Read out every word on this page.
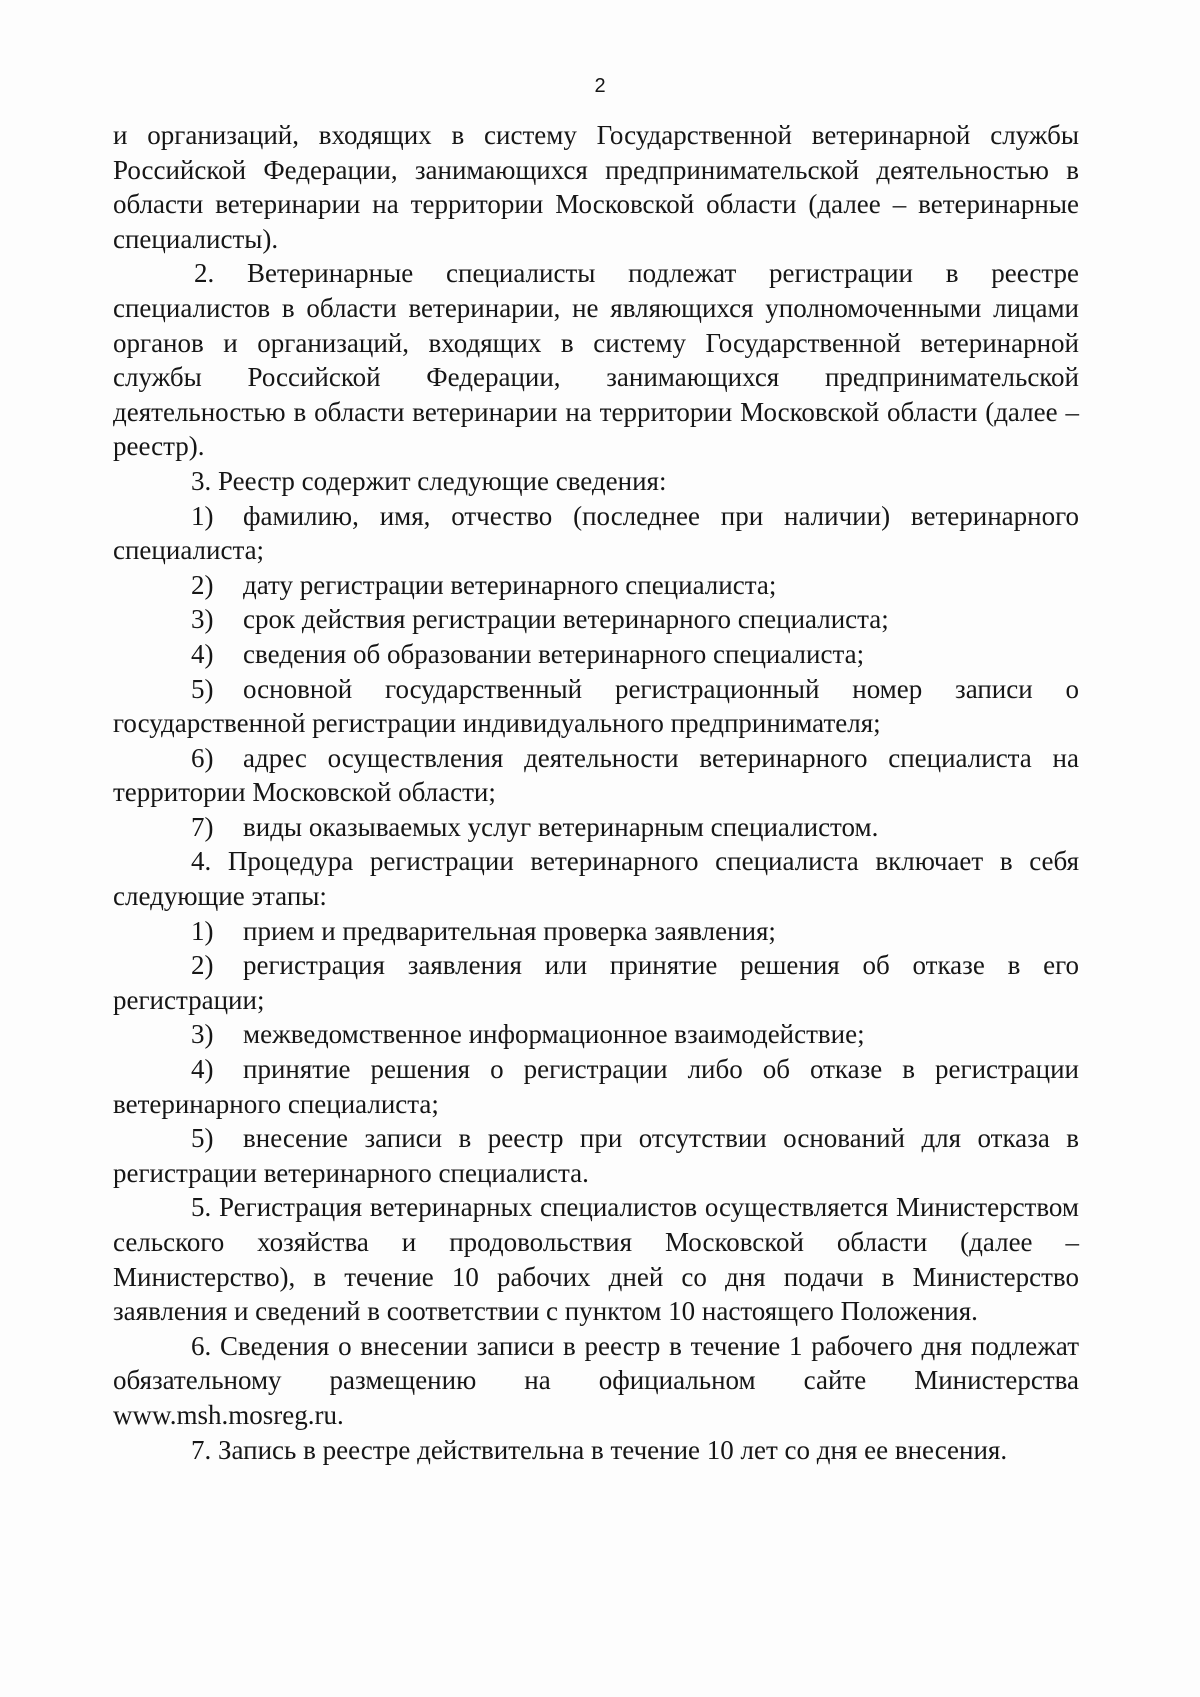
2

и организаций, входящих в систему Государственной ветеринарной службы Российской Федерации, занимающихся предпринимательской деятельностью в области ветеринарии на территории Московской области (далее – ветеринарные специалисты).

2. Ветеринарные специалисты подлежат регистрации в реестре специалистов в области ветеринарии, не являющихся уполномоченными лицами органов и организаций, входящих в систему Государственной ветеринарной службы Российской Федерации, занимающихся предпринимательской деятельностью в области ветеринарии на территории Московской области (далее – реестр).

3. Реестр содержит следующие сведения:

1) фамилию, имя, отчество (последнее при наличии) ветеринарного специалиста;

2) дату регистрации ветеринарного специалиста;

3) срок действия регистрации ветеринарного специалиста;

4) сведения об образовании ветеринарного специалиста;

5) основной государственный регистрационный номер записи о государственной регистрации индивидуального предпринимателя;

6) адрес осуществления деятельности ветеринарного специалиста на территории Московской области;

7) виды оказываемых услуг ветеринарным специалистом.

4. Процедура регистрации ветеринарного специалиста включает в себя следующие этапы:

1) прием и предварительная проверка заявления;

2) регистрация заявления или принятие решения об отказе в его регистрации;

3) межведомственное информационное взаимодействие;

4) принятие решения о регистрации либо об отказе в регистрации ветеринарного специалиста;

5) внесение записи в реестр при отсутствии оснований для отказа в регистрации ветеринарного специалиста.

5. Регистрация ветеринарных специалистов осуществляется Министерством сельского хозяйства и продовольствия Московской области (далее – Министерство), в течение 10 рабочих дней со дня подачи в Министерство заявления и сведений в соответствии с пунктом 10 настоящего Положения.

6. Сведения о внесении записи в реестр в течение 1 рабочего дня подлежат обязательному размещению на официальном сайте Министерства www.msh.mosreg.ru.

7. Запись в реестре действительна в течение 10 лет со дня ее внесения.
